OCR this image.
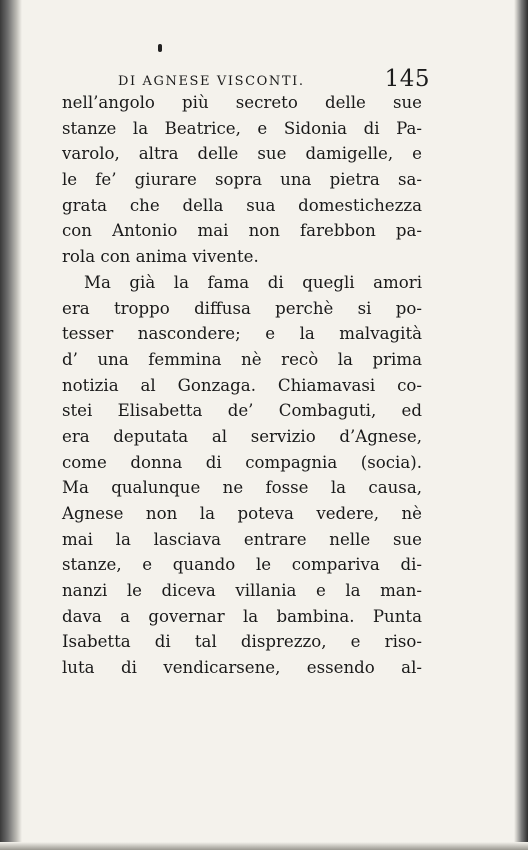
DI AGNESE VISCONTI.	145
nell’angolo più secreto delle sue
stanze la Beatrice, e Sidonia di Pa-
varolo, altra delle sue damigelle, e
le fe’ giurare sopra una pietra sa-
grata che della sua domestichezza
con Antonio mai non farebbon pa-
rola con anima vivente.
Ma già la fama di quegli amori
era troppo diffusa perchè si po-
tesser nascondere; e la malvagità
d’ una femmina nè recò la prima
notizia al Gonzaga. Chiamavasi co-
stei Elisabetta de’ Combaguti, ed
era deputata al servizio d’Agnese,
come donna di compagnia (socia).
Ma qualunque ne fosse la causa,
Agnese non la poteva vedere, nè
mai la lasciava entrare nelle sue
stanze, e quando le compariva di-
nanzi le diceva villania e la man-
dava a governar la bambina. Punta
Isabetta di tal disprezzo, e riso-
luta di vendicarsene, essendo al-
